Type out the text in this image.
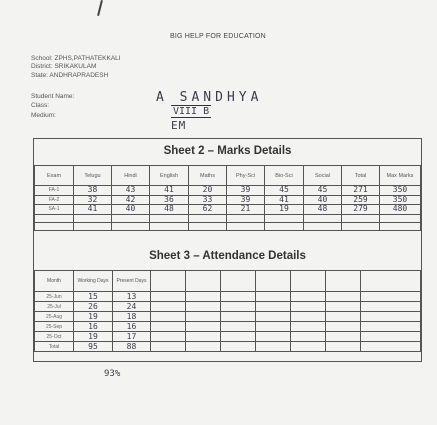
BIG HELP FOR EDUCATION
School: ZPHS,PATHATEKKALI
District: SRIKAKULAM
State: ANDHRAPRADESH
Student Name:
Class:
Medium:
A SANDHYA
VIII B
EM
Sheet 2 – Marks Details
Exam	Telugu	Hindi	English	Maths	Phy-Sci	Bio-Sci	Social	Total	Max Marks
FA-1	38	43	41	20	39	45	45	271	350
FA-2	32	42	36	33	39	41	40	259	350
SA-1	41	40	48	62	21	19	48	279	480

Sheet 3 – Attendance Details
Month	Working Days	Present Days							
25-Jun	15	13							
25-Jul	26	24							
25-Aug	19	18							
25-Sep	16	16							
25-Oct	19	17							
Total	95	88							
93%
